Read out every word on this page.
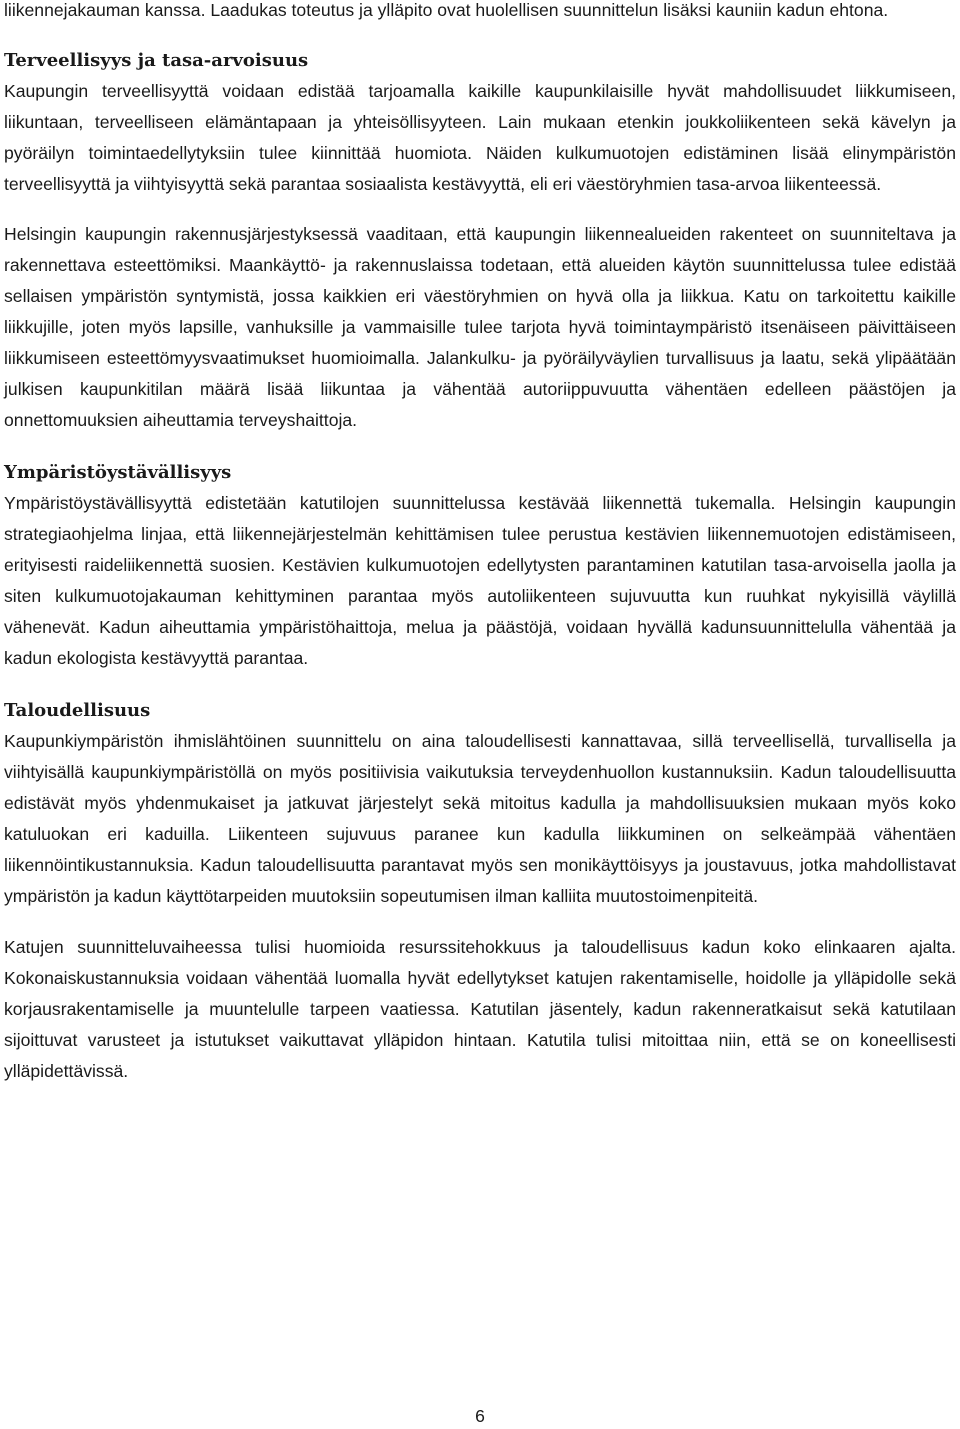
liikennejakauman kanssa. Laadukas toteutus ja ylläpito ovat huolellisen suunnittelun lisäksi kauniin kadun ehtona.

Terveellisyys ja tasa-arvoisuus

Kaupungin terveellisyyttä voidaan edistää tarjoamalla kaikille kaupunkilaisille hyvät mahdollisuudet liikkumiseen, liikuntaan, terveelliseen elämäntapaan ja yhteisöllisyyteen. Lain mukaan etenkin joukkoliikenteen sekä kävelyn ja pyöräilyn toimintaedellytyksiin tulee kiinnittää huomiota. Näiden kulkumuotojen edistäminen lisää elinympäristön terveellisyyttä ja viihtyisyyttä sekä parantaa sosiaalista kestävyyttä, eli eri väestöryhmien tasa-arvoa liikenteessä.

Helsingin kaupungin rakennusjärjestyksessä vaaditaan, että kaupungin liikennealueiden rakenteet on suunniteltava ja rakennettava esteettömiksi. Maankäyttö- ja rakennuslaissa todetaan, että alueiden käytön suunnittelussa tulee edistää sellaisen ympäristön syntymistä, jossa kaikkien eri väestöryhmien on hyvä olla ja liikkua. Katu on tarkoitettu kaikille liikkujille, joten myös lapsille, vanhuksille ja vammaisille tulee tarjota hyvä toimintaympäristö itsenäiseen päivittäiseen liikkumiseen esteettömyysvaatimukset huomioimalla. Jalankulku- ja pyöräilyväylien turvallisuus ja laatu, sekä ylipäätään julkisen kaupunkitilan määrä lisää liikuntaa ja vähentää autoriippuvuutta vähentäen edelleen päästöjen ja onnettomuuksien aiheuttamia terveyshaittoja.

Ympäristöystävällisyys

Ympäristöystävällisyyttä edistetään katutilojen suunnittelussa kestävää liikennettä tukemalla. Helsingin kaupungin strategiaohjelma linjaa, että liikennejärjestelmän kehittämisen tulee perustua kestävien liikennemuotojen edistämiseen, erityisesti raideliikennettä suosien. Kestävien kulkumuotojen edellytysten parantaminen katutilan tasa-arvoisella jaolla ja siten kulkumuotojakauman kehittyminen parantaa myös autoliikenteen sujuvuutta kun ruuhkat nykyisillä väylillä vähenevät. Kadun aiheuttamia ympäristöhaittoja, melua ja päästöjä, voidaan hyvällä kadunsuunnittelulla vähentää ja kadun ekologista kestävyyttä parantaa.

Taloudellisuus

Kaupunkiympäristön ihmislähtöinen suunnittelu on aina taloudellisesti kannattavaa, sillä terveellisellä, turvallisella ja viihtyisällä kaupunkiympäristöllä on myös positiivisia vaikutuksia terveydenhuollon kustannuksiin. Kadun taloudellisuutta edistävät myös yhdenmukaiset ja jatkuvat järjestelyt sekä mitoitus kadulla ja mahdollisuuksien mukaan myös koko katuluokan eri kaduilla. Liikenteen sujuvuus paranee kun kadulla liikkuminen on selkeämpää vähentäen liikennöintikustannuksia. Kadun taloudellisuutta parantavat myös sen monikäyttöisyys ja joustavuus, jotka mahdollistavat ympäristön ja kadun käyttötarpeiden muutoksiin sopeutumisen ilman kalliita muutostoimenpiteitä.

Katujen suunnitteluvaiheessa tulisi huomioida resurssitehokkuus ja taloudellisuus kadun koko elinkaaren ajalta. Kokonaiskustannuksia voidaan vähentää luomalla hyvät edellytykset katujen rakentamiselle, hoidolle ja ylläpidolle sekä korjausrakentamiselle ja muuntelulle tarpeen vaatiessa. Katutilan jäsentely, kadun rakenneratkaisut sekä katutilaan sijoittuvat varusteet ja istutukset vaikuttavat ylläpidon hintaan. Katutila tulisi mitoittaa niin, että se on koneellisesti ylläpidettävissä.

6
